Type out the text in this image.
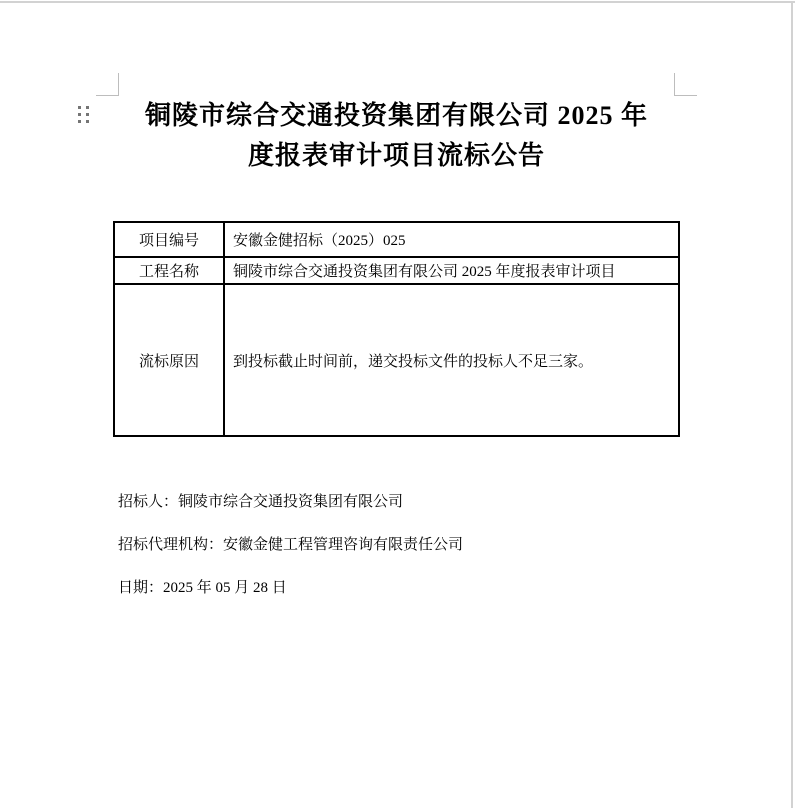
铜陵市综合交通投资集团有限公司 2025 年
度报表审计项目流标公告
项目编号	安徽金健招标（2025）025
工程名称	铜陵市综合交通投资集团有限公司 2025 年度报表审计项目
流标原因	到投标截止时间前，递交投标文件的投标人不足三家。

招标人：铜陵市综合交通投资集团有限公司

招标代理机构：安徽金健工程管理咨询有限责任公司

日期：2025 年 05 月 28 日
